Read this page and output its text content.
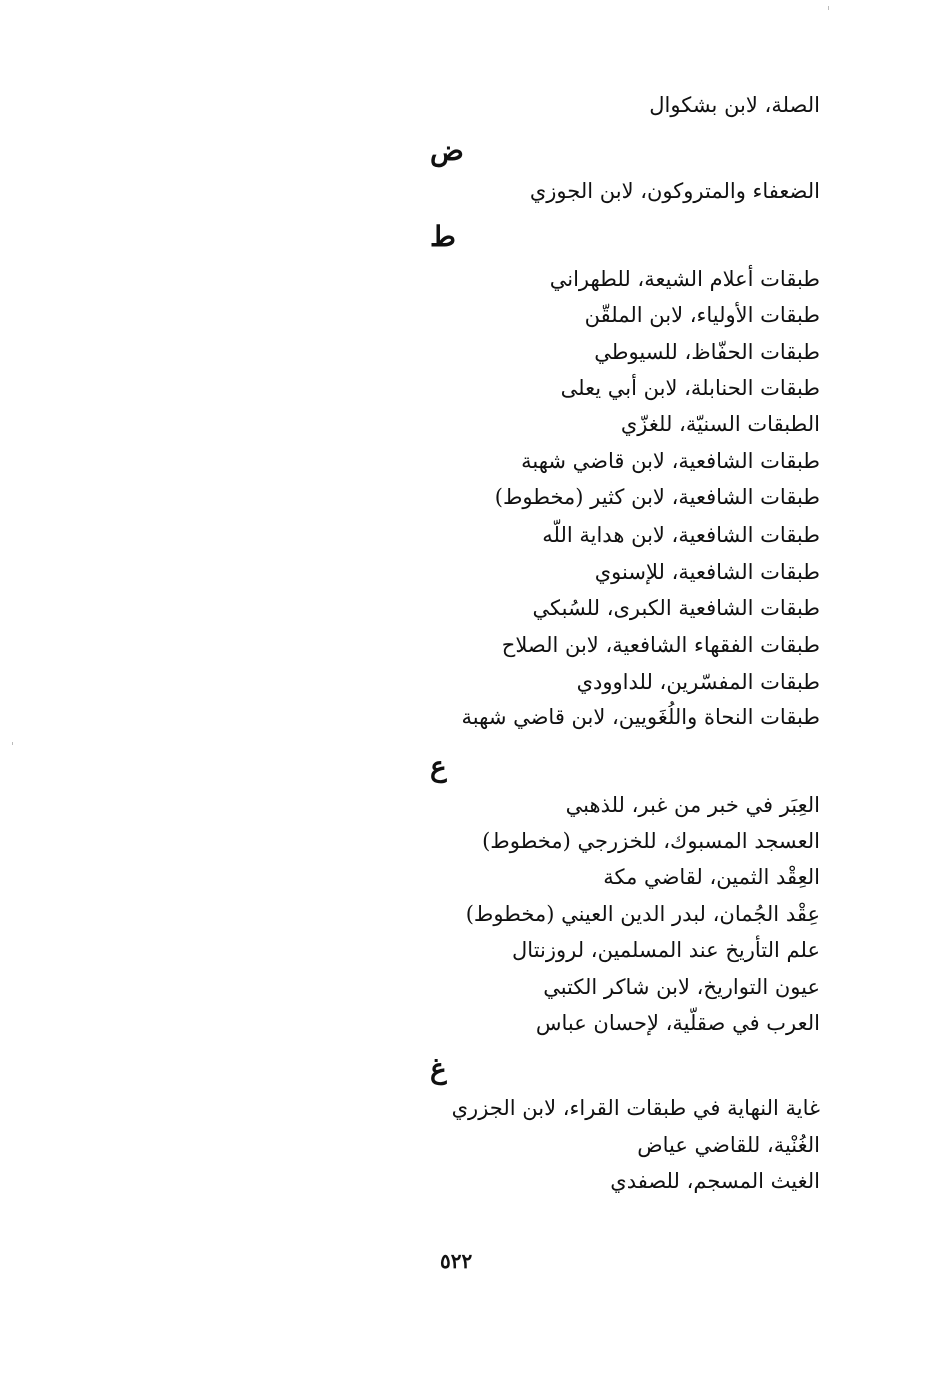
الصلة، لابن بشكوال
ض
الضعفاء والمتروكون، لابن الجوزي
ط
طبقات أعلام الشيعة، للطهراني
طبقات الأولياء، لابن الملقّن
طبقات الحفّاظ، للسيوطي
طبقات الحنابلة، لابن أبي يعلى
الطبقات السنيّة، للغزّي
طبقات الشافعية، لابن قاضي شهبة
طبقات الشافعية، لابن كثير (مخطوط)
طبقات الشافعية، لابن هداية اللّه
طبقات الشافعية، للإسنوي
طبقات الشافعية الكبرى، للسُبكي
طبقات الفقهاء الشافعية، لابن الصلاح
طبقات المفسّرين، للداوودي
طبقات النحاة واللُغَويين، لابن قاضي شهبة
ع
العِبَر في خبر من غبر، للذهبي
العسجد المسبوك، للخزرجي (مخطوط)
العِقْد الثمين، لقاضي مكة
عِقْد الجُمان، لبدر الدين العيني (مخطوط)
علم التأريخ عند المسلمين، لروزنتال
عيون التواريخ، لابن شاكر الكتبي
العرب في صقلّية، لإحسان عباس
غ
غاية النهاية في طبقات القراء، لابن الجزري
الغُنْية، للقاضي عياض
الغيث المسجم، للصفدي
٥٢٢
